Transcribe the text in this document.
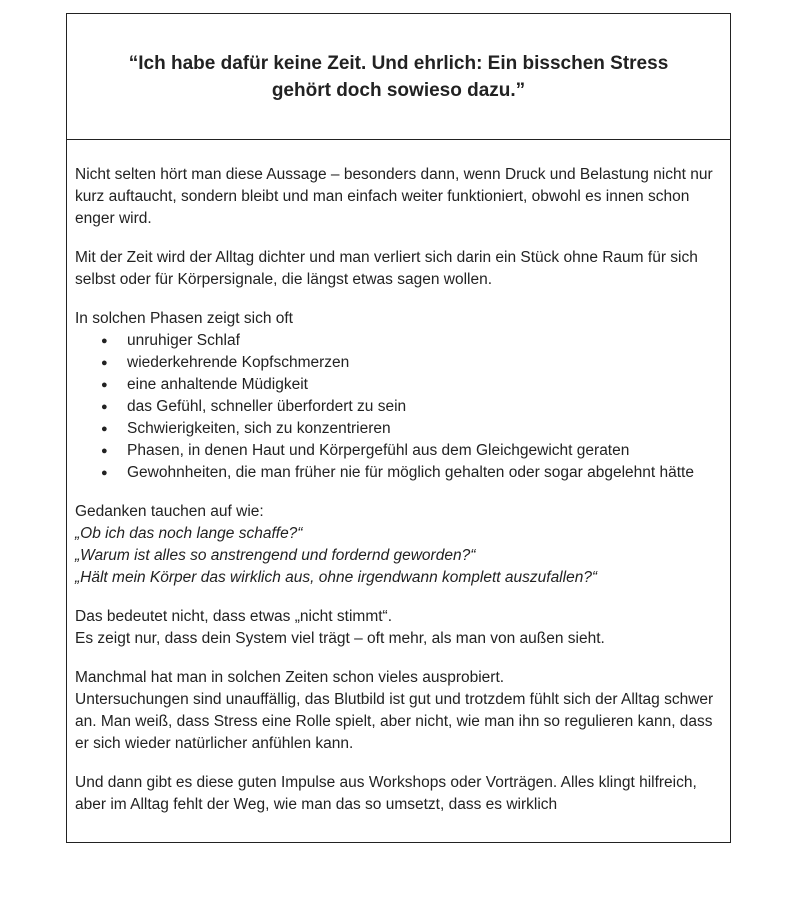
“Ich habe dafür keine Zeit. Und ehrlich: Ein bisschen Stress gehört doch sowieso dazu.”

Nicht selten hört man diese Aussage – besonders dann, wenn Druck und Belastung nicht nur kurz auftaucht, sondern bleibt und man einfach weiter funktioniert, obwohl es innen schon enger wird.

Mit der Zeit wird der Alltag dichter und man verliert sich darin ein Stück ohne Raum für sich selbst oder für Körpersignale, die längst etwas sagen wollen.

In solchen Phasen zeigt sich oft

● unruhiger Schlaf
● wiederkehrende Kopfschmerzen
● eine anhaltende Müdigkeit
● das Gefühl, schneller überfordert zu sein
● Schwierigkeiten, sich zu konzentrieren
● Phasen, in denen Haut und Körpergefühl aus dem Gleichgewicht geraten
● Gewohnheiten, die man früher nie für möglich gehalten oder sogar abgelehnt hätte

Gedanken tauchen auf wie:
„Ob ich das noch lange schaffe?“
„Warum ist alles so anstrengend und fordernd geworden?“
„Hält mein Körper das wirklich aus, ohne irgendwann komplett auszufallen?“

Das bedeutet nicht, dass etwas „nicht stimmt“.
Es zeigt nur, dass dein System viel trägt – oft mehr, als man von außen sieht.

Manchmal hat man in solchen Zeiten schon vieles ausprobiert.
Untersuchungen sind unauffällig, das Blutbild ist gut und trotzdem fühlt sich der Alltag schwer an. Man weiß, dass Stress eine Rolle spielt, aber nicht, wie man ihn so regulieren kann, dass er sich wieder natürlicher anfühlen kann.

Und dann gibt es diese guten Impulse aus Workshops oder Vorträgen. Alles klingt hilfreich, aber im Alltag fehlt der Weg, wie man das so umsetzt, dass es wirklich
